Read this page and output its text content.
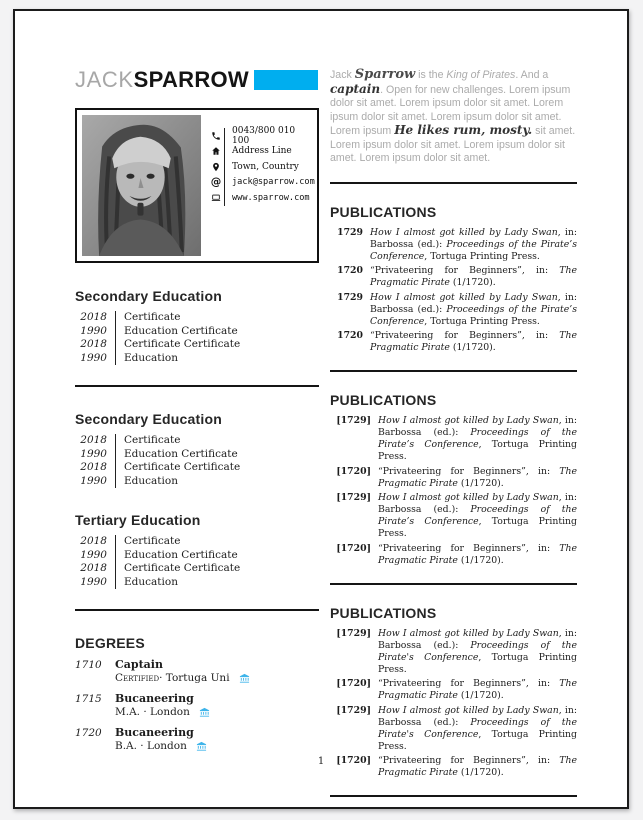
JACKSPARROW
0043/800 010 100
Address Line
Town, Country
@	jack@sparrow.com
www.sparrow.com
Secondary Education
2018	Certificate
1990	Education Certificate
2018	Certificate Certificate
1990	Education
Secondary Education
2018	Certificate
1990	Education Certificate
2018	Certificate Certificate
1990	Education
Tertiary Education
2018	Certificate
1990	Education Certificate
2018	Certificate Certificate
1990	Education
DEGREES
1710	Captain
Certified · Tortuga Uni
1715	Bucaneering
M.A. · London
1720	Bucaneering
B.A. · London

Jack Sparrow is the King of Pirates. And a captain. Open for new challenges. Lorem ipsum dolor sit amet. Lorem ipsum dolor sit amet. Lorem ipsum dolor sit amet. Lorem ipsum dolor sit amet. Lorem ipsum He likes rum, mosty. sit amet. Lorem ipsum dolor sit amet. Lorem ipsum dolor sit amet. Lorem ipsum dolor sit amet.

PUBLICATIONS
1729 How I almost got killed by Lady Swan, in: Barbossa (ed.): Proceedings of the Pirate’s Conference, Tortuga Printing Press.
1720 “Privateering for Beginners”, in: The Pragmatic Pirate (1/1720).
1729 How I almost got killed by Lady Swan, in: Barbossa (ed.): Proceedings of the Pirate’s Conference, Tortuga Printing Press.
1720 “Privateering for Beginners”, in: The Pragmatic Pirate (1/1720).
PUBLICATIONS
[1729] How I almost got killed by Lady Swan, in: Barbossa (ed.): Proceedings of the Pirate’s Conference, Tortuga Printing Press.
[1720] “Privateering for Beginners”, in: The Pragmatic Pirate (1/1720).
[1729] How I almost got killed by Lady Swan, in: Barbossa (ed.): Proceedings of the Pirate’s Conference, Tortuga Printing Press.
[1720] “Privateering for Beginners”, in: The Pragmatic Pirate (1/1720).
PUBLICATIONS
[1729] How I almost got killed by Lady Swan, in: Barbossa (ed.): Proceedings of the Pirate's Conference, Tortuga Printing Press.
[1720] “Privateering for Beginners”, in: The Pragmatic Pirate (1/1720).
[1729] How I almost got killed by Lady Swan, in: Barbossa (ed.): Proceedings of the Pirate's Conference, Tortuga Printing Press.
[1720] “Privateering for Beginners”, in: The Pragmatic Pirate (1/1720).
1
